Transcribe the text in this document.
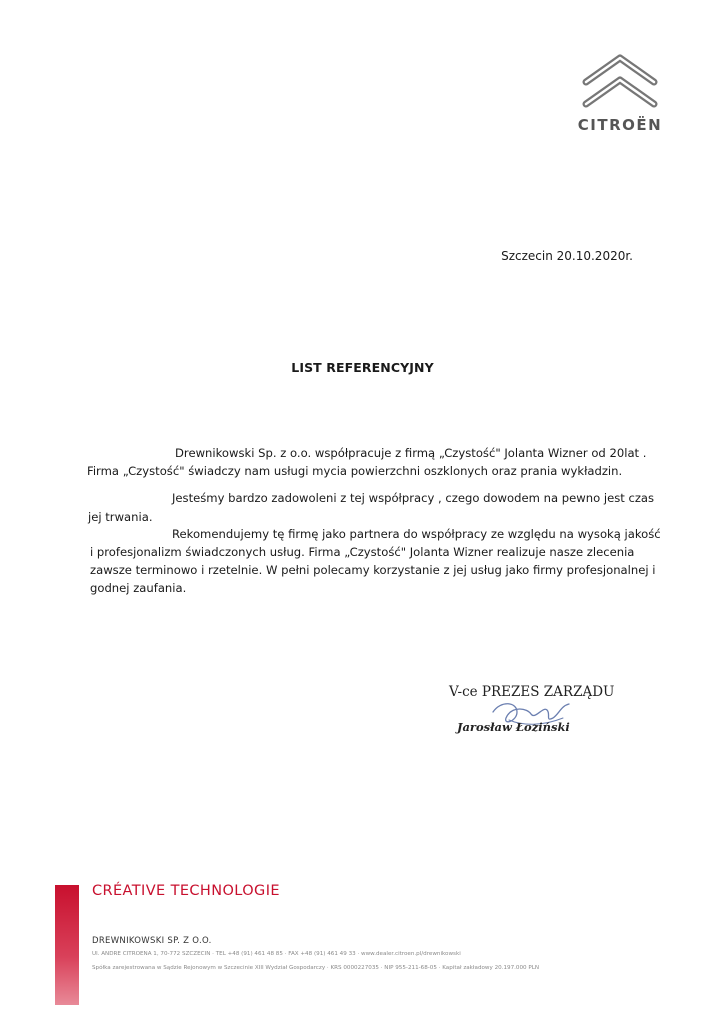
CITROËN
Szczecin 20.10.2020r.
LIST REFERENCYJNY
Drewnikowski Sp. z o.o. współpracuje z firmą „Czystość" Jolanta Wizner od 20lat .
Firma „Czystość" świadczy nam usługi mycia powierzchni oszklonych oraz prania wykładzin.
Jesteśmy bardzo zadowoleni z tej współpracy , czego dowodem na pewno jest czas
jej trwania.
Rekomendujemy tę firmę jako partnera do współpracy ze względu na wysoką jakość
i profesjonalizm świadczonych usług. Firma „Czystość" Jolanta Wizner realizuje nasze zlecenia
zawsze terminowo i rzetelnie. W pełni polecamy korzystanie z jej usług jako firmy profesjonalnej i
godnej zaufania.
V-ce PREZES ZARZĄDU
Jarosław Łoziński
CRÉATIVE TECHNOLOGIE
DREWNIKOWSKI SP. Z O.O.
Ul. ANDRE CITROENA 1, 70-772 SZCZECIN · TEL +48 (91) 461 48 85 · FAX +48 (91) 461 49 33 · www.dealer.citroen.pl/drewnikowski
Spółka zarejestrowana w Sądzie Rejonowym w Szczecinie XIII Wydział Gospodarczy · KRS 0000227035 · NIP 955-211-68-05 · Kapitał zakładowy 20.197.000 PLN
